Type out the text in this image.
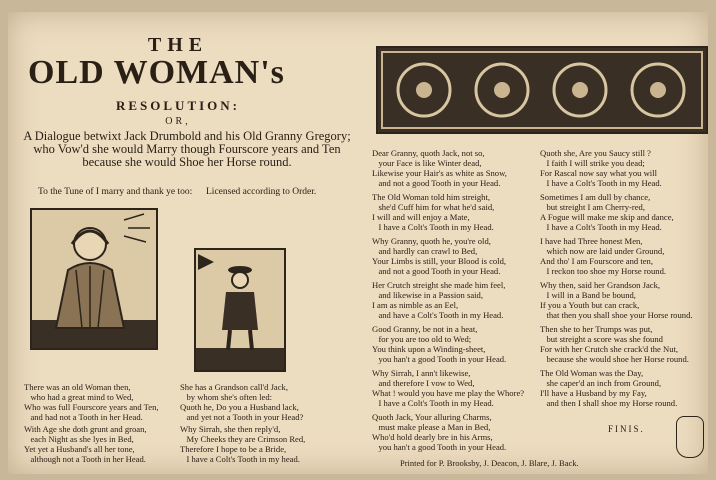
THE
OLD WOMAN's
RESOLUTION:
OR,
A Dialogue betwixt Jack Drumbold and his Old Granny Gregory; who Vow'd she would Marry though Fourscore years and Ten because she would Shoe her Horse round.
To the Tune of I marry and thank ye too: Licensed according to Order.
There was an old Woman then,
who had a great mind to Wed,
Who was full Fourscore years and Ten,
and had not a Tooth in her Head.
With Age she doth grunt and groan,
each Night as she lyes in Bed,
Yet yet a Husband's all her tone,
although not a Tooth in her Head.
She has a Grandson call'd Jack,
by whom she's often led:
Quoth he, Do you a Husband lack,
and yet not a Tooth in your Head?
Why Sirrah, she then reply'd,
My Cheeks they are Crimson Red,
Therefore I hope to be a Bride,
I have a Colt's Tooth in my head.
Dear Granny, quoth Jack, not so,
your Face is like Winter dead,
Likewise your Hair's as white as Snow,
and not a good Tooth in your Head.
The Old Woman told him streight,
she'd Cuff him for what he'd said,
I will and will enjoy a Mate,
I have a Colt's Tooth in my Head.
Why Granny, quoth he, you're old,
and hardly can crawl to Bed,
Your Limbs is still, your Blood is cold,
and not a good Tooth in your Head.
Her Crutch streight she made him feel,
and likewise in a Passion said,
I am as nimble as an Eel,
and have a Colt's Tooth in my Head.
Good Granny, be not in a heat,
for you are too old to Wed;
You think upon a Winding-sheet,
you han't a good Tooth in your Head.
Why Sirrah, I ann't likewise,
and therefore I vow to Wed,
What ! would you have me play the Whore?
I have a Colt's Tooth in my Head.
Quoth Jack, Your alluring Charms,
must make please a Man in Bed,
Who'd hold dearly bre in his Arms,
you han't a good Tooth in your Head.
Quoth she, Are you Saucy still ?
I faith I will strike you dead;
For Rascal now say what you will
I have a Colt's Tooth in my Head.
Sometimes I am dull by chance,
but streight I am Cherry-red,
A Fogue will make me skip and dance,
I have a Colt's Tooth in my Head.
I have had Three honest Men,
which now are laid under Ground,
And tho' I am Fourscore and ten,
I reckon too shoe my Horse round.
Why then, said her Grandson Jack,
I will in a Band be bound,
If you a Youth but can crack,
that then you shall shoe your Horse round.
Then she to her Trumps was put,
but streight a score was she found
For with her Crutch she crack'd the Nut,
because she would shoe her Horse round.
The Old Woman was the Day,
she caper'd an inch from Ground,
I'll have a Husband by my Fay,
and then I shall shoe my Horse round.
FINIS.
Printed for P. Brooksby, J. Deacon, J. Blare, J. Back.
